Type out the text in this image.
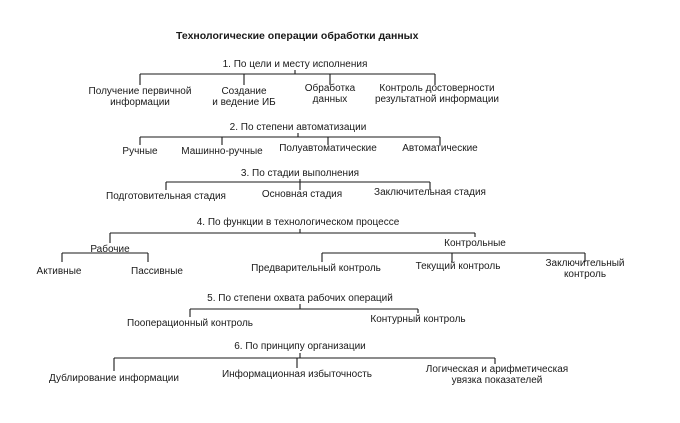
Технологические операции обработки данных
1. По цели и месту исполнения
Получение первичной
информации
Создание
и ведение ИБ
Обработка
данных
Контроль достоверности
результатной информации
2. По степени автоматизации
Ручные Машинно-ручные Полуавтоматические	Автоматические
3. По стадии выполнения
Подготовительная стадия	Основная стадия	Заключительная стадия
4. По функции в технологическом процессе
Рабочие
Контрольные
Активные	Пассивные	Предварительный контроль	Текущий контроль	Заключительный
контроль
5. По степени охвата рабочих операций
Пооперационный контроль	Контурный контроль
6. По принципу организации
Дублирование информации	Информационная избыточность	Логическая и арифметическая
увязка показателей
